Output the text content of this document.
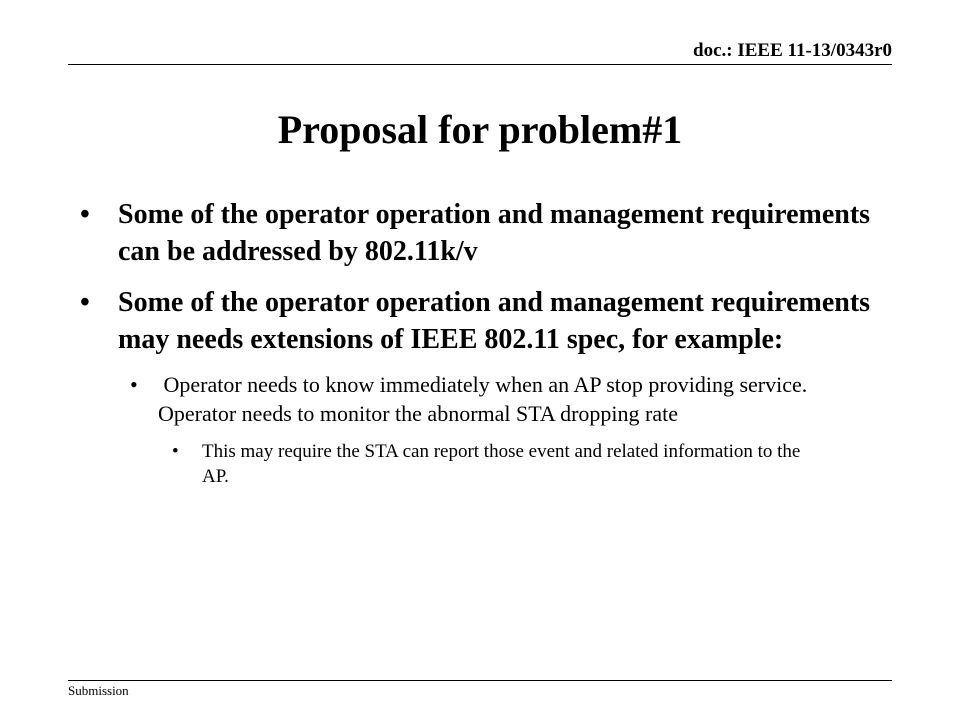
doc.: IEEE 11-13/0343r0
Proposal for problem#1
• Some of the operator operation and management requirements can be addressed by 802.11k/v
• Some of the operator operation and management requirements may needs extensions of IEEE 802.11 spec, for example:
• Operator needs to know immediately when an AP stop providing service. Operator needs to monitor the abnormal STA dropping rate
• This may require the STA can report those event and related information to the AP.
Submission
